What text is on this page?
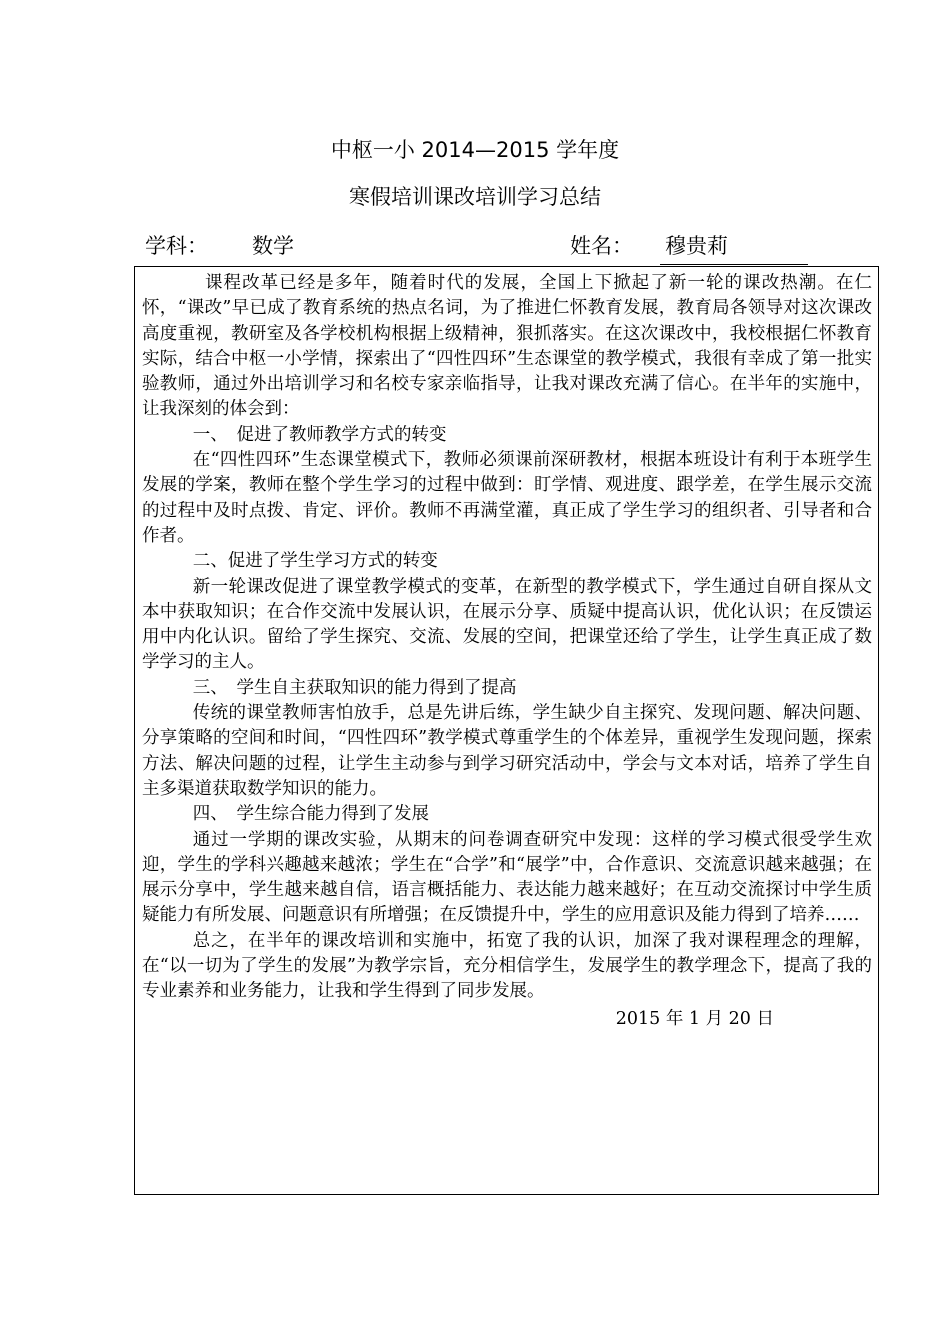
中枢一小 2014—2015 学年度
寒假培训课改培训学习总结
学科： 数学	姓名： 穆贵莉

课程改革已经是多年，随着时代的发展，全国上下掀起了新一轮的课改热潮。在仁怀，“课改”早已成了教育系统的热点名词，为了推进仁怀教育发展，教育局各领导对这次课改高度重视，教研室及各学校机构根据上级精神，狠抓落实。在这次课改中，我校根据仁怀教育实际，结合中枢一小学情，探索出了“四性四环”生态课堂的教学模式，我很有幸成了第一批实验教师，通过外出培训学习和名校专家亲临指导，让我对课改充满了信心。在半年的实施中，让我深刻的体会到：

一、　促进了教师教学方式的转变

在“四性四环”生态课堂模式下，教师必须课前深研教材，根据本班设计有利于本班学生发展的学案，教师在整个学生学习的过程中做到：盯学情、观进度、跟学差，在学生展示交流的过程中及时点拨、肯定、评价。教师不再满堂灌，真正成了学生学习的组织者、引导者和合作者。

二、促进了学生学习方式的转变

新一轮课改促进了课堂教学模式的变革，在新型的教学模式下，学生通过自研自探从文本中获取知识；在合作交流中发展认识，在展示分享、质疑中提高认识，优化认识；在反馈运用中内化认识。留给了学生探究、交流、发展的空间，把课堂还给了学生，让学生真正成了数学学习的主人。

三、　学生自主获取知识的能力得到了提高

传统的课堂教师害怕放手，总是先讲后练，学生缺少自主探究、发现问题、解决问题、分享策略的空间和时间，“四性四环”教学模式尊重学生的个体差异，重视学生发现问题，探索方法、解决问题的过程，让学生主动参与到学习研究活动中，学会与文本对话，培养了学生自主多渠道获取数学知识的能力。

四、　学生综合能力得到了发展

通过一学期的课改实验，从期末的问卷调查研究中发现：这样的学习模式很受学生欢迎，学生的学科兴趣越来越浓；学生在“合学”和“展学”中，合作意识、交流意识越来越强；在展示分享中，学生越来越自信，语言概括能力、表达能力越来越好；在互动交流探讨中学生质疑能力有所发展、问题意识有所增强；在反馈提升中，学生的应用意识及能力得到了培养……

总之，在半年的课改培训和实施中，拓宽了我的认识，加深了我对课程理念的理解，在“以一切为了学生的发展”为教学宗旨，充分相信学生，发展学生的教学理念下，提高了我的专业素养和业务能力，让我和学生得到了同步发展。

2015 年 1 月 20 日
